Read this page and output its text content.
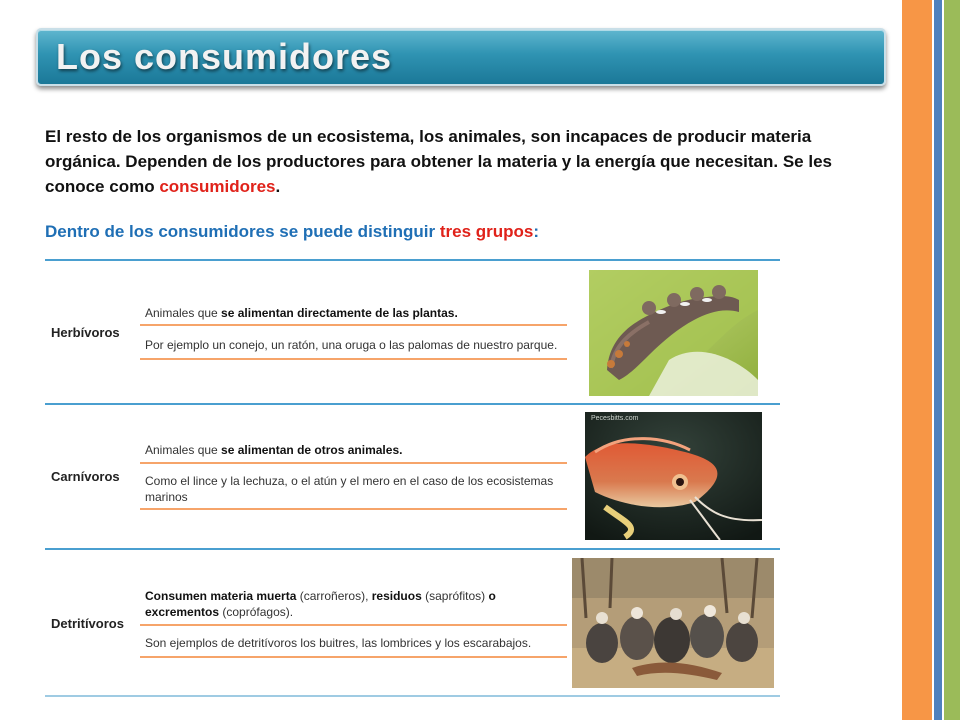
Los consumidores
El resto de los organismos de un ecosistema, los animales, son incapaces de producir materia orgánica. Dependen de los productores para obtener la materia y la energía que necesitan. Se les conoce como consumidores.
Dentro de los consumidores se puede distinguir tres grupos:
Herbívoros
Animales que se alimentan directamente de las plantas.
Por ejemplo un conejo, un ratón, una oruga o las palomas de nuestro parque.
Carnívoros
Animales que se alimentan de otros animales.
Como el lince y la lechuza, o el atún y el mero en el caso de los ecosistemas marinos
Pecesbitts.com
Detritívoros
Consumen materia muerta (carroñeros), residuos (saprófitos) o excrementos (coprófagos).
Son ejemplos de detritívoros los buitres, las lombrices y los escarabajos.
